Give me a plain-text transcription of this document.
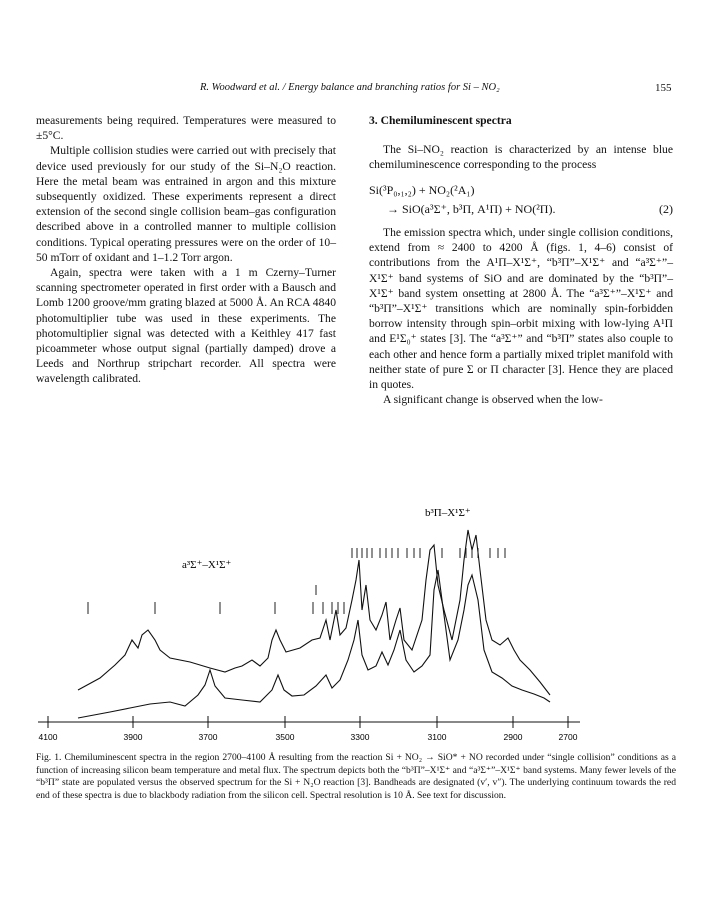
R. Woodward et al. / Energy balance and branching ratios for Si – NO₂	155

measurements being required. Temperatures were measured to ±5°C.

Multiple collision studies were carried out with precisely that device used previously for our study of the Si–N₂O reaction. Here the metal beam was entrained in argon and this mixture subsequently oxidized. These experiments represent a direct extension of the second single collision beam–gas configuration described above in a controlled manner to multiple collision conditions. Typical operating pressures were on the order of 10–50 mTorr of oxidant and 1–1.2 Torr argon.

Again, spectra were taken with a 1 m Czerny–Turner scanning spectrometer operated in first order with a Bausch and Lomb 1200 groove/mm grating blazed at 5000 Å. An RCA 4840 photomultiplier tube was used in these experiments. The photomultiplier signal was detected with a Keithley 417 fast picoammeter whose output signal (partially damped) drove a Leeds and Northrup stripchart recorder. All spectra were wavelength calibrated.

3. Chemiluminescent spectra

The Si–NO₂ reaction is characterized by an intense blue chemiluminescence corresponding to the process

Si(³P₀,₁,₂) + NO₂(²A₁)

→ SiO(a³Σ⁺, b³Π, A¹Π) + NO(²Π).	(2)

The emission spectra which, under single collision conditions, extend from ≈ 2400 to 4200 Å (figs. 1, 4–6) consist of contributions from the A¹Π–X¹Σ⁺, “b³Π”–X¹Σ⁺ and “a³Σ⁺”–X¹Σ⁺ band systems of SiO and are dominated by the “b³Π”–X¹Σ⁺ band system onsetting at 2800 Å. The “a³Σ⁺”–X¹Σ⁺ and “b³Π”–X¹Σ⁺ transitions which are nominally spin-forbidden borrow intensity through spin–orbit mixing with low-lying A¹Π and E¹Σ₀⁺ states [3]. The “a³Σ⁺” and “b³Π” states also couple to each other and hence form a partially mixed triplet manifold with neither state of pure Σ or Π character [3]. Hence they are placed in quotes.

A significant change is observed when the low-

b³Π–X¹Σ⁺
a³Σ⁺–X¹Σ⁺
4100	3900	3700	3500	3300	3100	2900	2700
Fig. 1. Chemiluminescent spectra in the region 2700–4100 Å resulting from the reaction Si + NO₂ → SiO* + NO recorded under “single collision” conditions as a function of increasing silicon beam temperature and metal flux. The spectrum depicts both the “b³Π”–X¹Σ⁺ and “a³Σ⁺”–X¹Σ⁺ band systems. Many fewer levels of the “b³Π” state are populated versus the observed spectrum for the Si + N₂O reaction [3]. Bandheads are designated (v′, v″). The underlying continuum towards the red end of these spectra is due to blackbody radiation from the silicon cell. Spectral resolution is 10 Å. See text for discussion.
